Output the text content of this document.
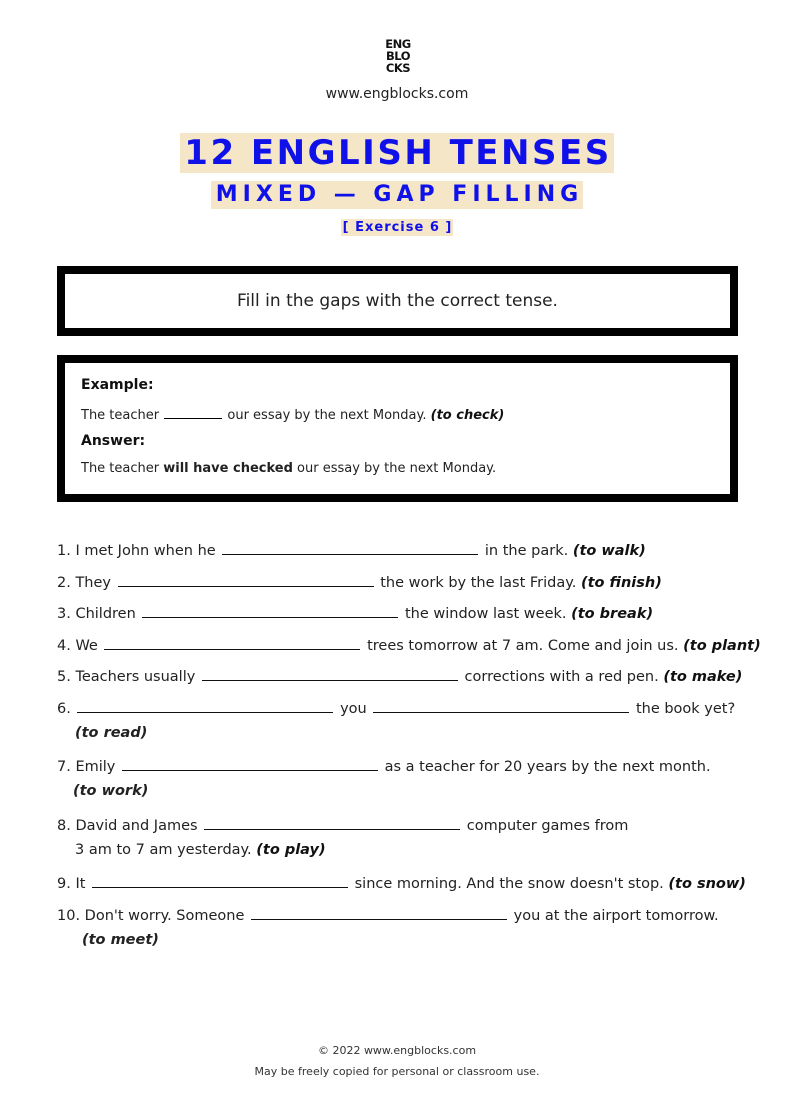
ENG
BLO
CKS
www.engblocks.com
12 ENGLISH TENSES
MIXED — GAP FILLING
[ Exercise 6 ]
Fill in the gaps with the correct tense.
Example:
The teacher	our essay by the next Monday. (to check)
Answer:
The teacher will have checked our essay by the next Monday.
1. I met John when he	in the park. (to walk)
2. They	the work by the last Friday. (to finish)
3. Children	the window last week. (to break)
4. We	trees tomorrow at 7 am. Come and join us. (to plant)
5. Teachers usually	corrections with a red pen. (to make)
6.	you	the book yet?
(to read)
7. Emily	as a teacher for 20 years by the next month.
(to work)
8. David and James	computer games from
3 am to 7 am yesterday. (to play)
9. It	since morning. And the snow doesn't stop. (to snow)
10. Don't worry. Someone	you at the airport tomorrow.
(to meet)
© 2022 www.engblocks.com
May be freely copied for personal or classroom use.
